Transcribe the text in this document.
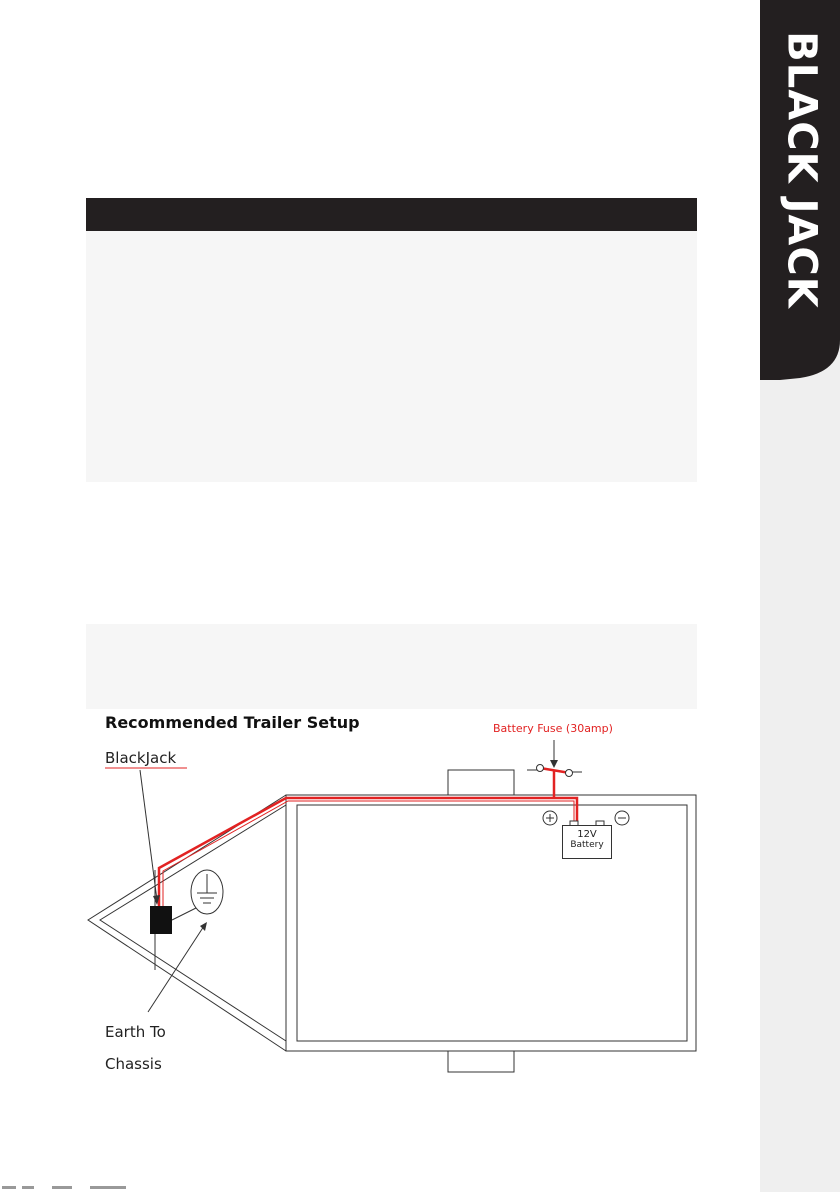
BLACK JACK
Recommended Trailer Setup
BlackJack
Battery Fuse (30amp)
Earth To
Chassis
12V
Battery
